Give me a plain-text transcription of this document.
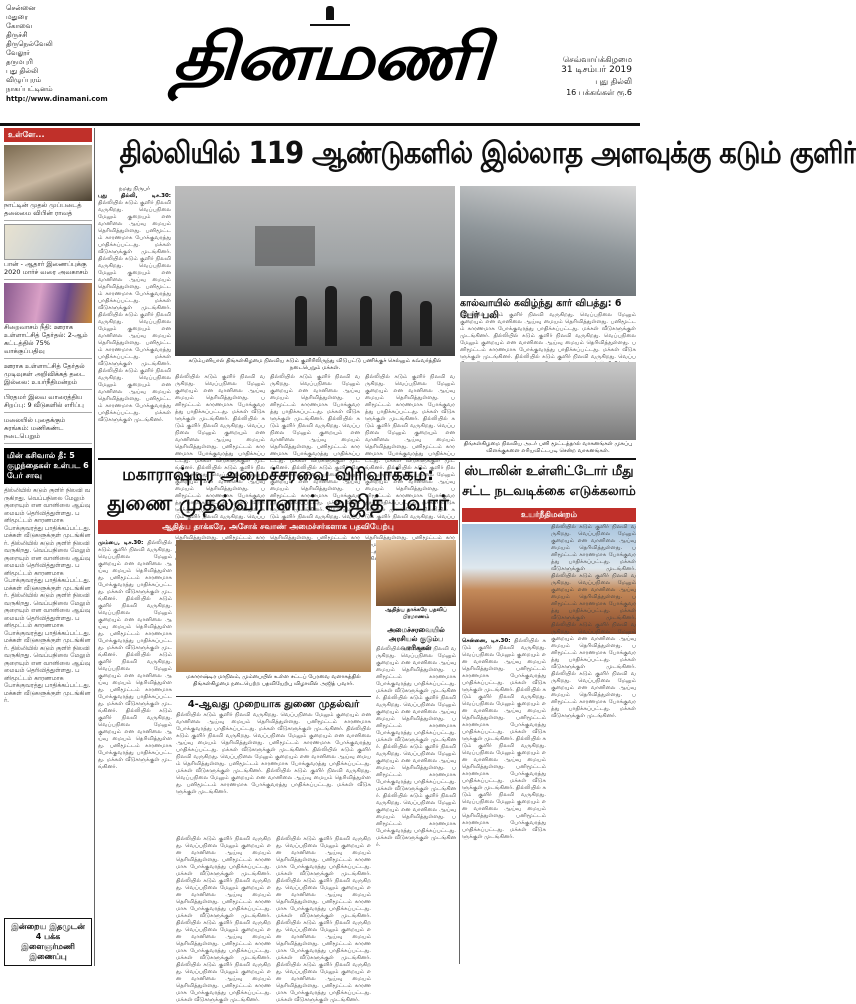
சென்னை
மதுரை
கோவை
திருச்சி
திருநெல்வேலி
வேலூர்
தருமபுரி
புது தில்லி
விழுப்புரம்
நாகப்பட்டினம்
http://www.dinamani.com
தினமணி	செவ்வாய்க்கிழமை
31 டிசம்பர் 2019
புது தில்லி
16 பக்கங்கள் ரூ.6
உள்ளே...
நாட்டின் முதல் முப்படைத் தலைமை விபின் ராவத்
பான் - ஆதார் இணைப்புக்கு 2020 மார்ச் வரை அவகாசம்
சிறைவாசம் நீதி: ஊராக உள்ளாட்சித் தேர்தல்: 2-ஆம் கட்டத்தில் 75% வாக்குப்பதிவு
ஊராக உள்ளாட்சித் தேர்தல் முடிவுகள் அறிவிக்கத் தடை இல்லை: உயர்நீதிமன்றம்
பிரதமர் இலவ வாரைத்திய சிறப்பு: 9 வீடுகளில் எரிப்பு
மலையில் புதைக்கும் சுரங்கம்: மணிகண்ட நடைபெறும்
மின் கசிவால் தீ: 5 குழந்தைகள் உள்பட 6 பேர் சாவு
தில்லியில் கடும் குளிர் நிலவி வருகிறது. வெப்பநிலை மேலும் குறையும் என வானிலை ஆய்வு மையம் தெரிவித்துள்ளது. பனிமூட்டம் காரணமாக போக்குவரத்து பாதிக்கப்பட்டது. மக்கள் வீடுகளுக்குள் முடங்கினர். தில்லியில் கடும் குளிர் நிலவி வருகிறது. வெப்பநிலை மேலும் குறையும் என வானிலை ஆய்வு மையம் தெரிவித்துள்ளது. பனிமூட்டம் காரணமாக போக்குவரத்து பாதிக்கப்பட்டது. மக்கள் வீடுகளுக்குள் முடங்கினர். தில்லியில் கடும் குளிர் நிலவி வருகிறது. வெப்பநிலை மேலும் குறையும் என வானிலை ஆய்வு மையம் தெரிவித்துள்ளது. பனிமூட்டம் காரணமாக போக்குவரத்து பாதிக்கப்பட்டது. மக்கள் வீடுகளுக்குள் முடங்கினர். தில்லியில் கடும் குளிர் நிலவி வருகிறது. வெப்பநிலை மேலும் குறையும் என வானிலை ஆய்வு மையம் தெரிவித்துள்ளது. பனிமூட்டம் காரணமாக போக்குவரத்து பாதிக்கப்பட்டது. மக்கள் வீடுகளுக்குள் முடங்கினர்.
இன்றைய இதழுடன் 4 பக்க இளைஞர்மணி இணைப்பு
தில்லியில் 119 ஆண்டுகளில் இல்லாத அளவுக்கு கடும் குளிர்
நமது நிருபர்
புது தில்லி, டிச.30: தில்லியில் கடும் குளிர் நிலவி வருகிறது. வெப்பநிலை மேலும் குறையும் என வானிலை ஆய்வு மையம் தெரிவித்துள்ளது. பனிமூட்டம் காரணமாக போக்குவரத்து பாதிக்கப்பட்டது. மக்கள் வீடுகளுக்குள் முடங்கினர். தில்லியில் கடும் குளிர் நிலவி வருகிறது. வெப்பநிலை மேலும் குறையும் என வானிலை ஆய்வு மையம் தெரிவித்துள்ளது. பனிமூட்டம் காரணமாக போக்குவரத்து பாதிக்கப்பட்டது. மக்கள் வீடுகளுக்குள் முடங்கினர். தில்லியில் கடும் குளிர் நிலவி வருகிறது. வெப்பநிலை மேலும் குறையும் என வானிலை ஆய்வு மையம் தெரிவித்துள்ளது. பனிமூட்டம் காரணமாக போக்குவரத்து பாதிக்கப்பட்டது. மக்கள் வீடுகளுக்குள் முடங்கினர். தில்லியில் கடும் குளிர் நிலவி வருகிறது. வெப்பநிலை மேலும் குறையும் என வானிலை ஆய்வு மையம் தெரிவித்துள்ளது. பனிமூட்டம் காரணமாக போக்குவரத்து பாதிக்கப்பட்டது. மக்கள் வீடுகளுக்குள் முடங்கினர்.
கடும்பனியால் திங்கள்கிழமை நிலவிய கடும் குளிரிலிருந்து விடுபட்டு பணிக்குச் செல்லும் கவ்வர்த்தில் நடைபெறும் மக்கள்.
தில்லியில் கடும் குளிர் நிலவி வருகிறது. வெப்பநிலை மேலும் குறையும் என வானிலை ஆய்வு மையம் தெரிவித்துள்ளது. பனிமூட்டம் காரணமாக போக்குவரத்து பாதிக்கப்பட்டது. மக்கள் வீடுகளுக்குள் முடங்கினர். தில்லியில் கடும் குளிர் நிலவி வருகிறது. வெப்பநிலை மேலும் குறையும் என வானிலை ஆய்வு மையம் தெரிவித்துள்ளது. பனிமூட்டம் காரணமாக போக்குவரத்து பாதிக்கப்பட்டது. மக்கள் வீடுகளுக்குள் முடங்கினர். தில்லியில் கடும் குளிர் நிலவி வருகிறது. வெப்பநிலை மேலும் குறையும் என வானிலை ஆய்வு மையம் தெரிவித்துள்ளது. பனிமூட்டம் காரணமாக போக்குவரத்து பாதிக்கப்பட்டது. மக்கள் வீடுகளுக்குள் முடங்கினர். தில்லியில் கடும் குளிர் நிலவி வருகிறது. வெப்பநிலை மேலும் குறையும் என வானிலை ஆய்வு மையம் தெரிவித்துள்ளது. பனிமூட்டம் காரணமாக போக்குவரத்து பாதிக்கப்பட்டது. மக்கள் வீடுகளுக்குள் முடங்கினர்.
தில்லியில் கடும் குளிர் நிலவி வருகிறது. வெப்பநிலை மேலும் குறையும் என வானிலை ஆய்வு மையம் தெரிவித்துள்ளது. பனிமூட்டம் காரணமாக போக்குவரத்து பாதிக்கப்பட்டது. மக்கள் வீடுகளுக்குள் முடங்கினர். தில்லியில் கடும் குளிர் நிலவி வருகிறது. வெப்பநிலை மேலும் குறையும் என வானிலை ஆய்வு மையம் தெரிவித்துள்ளது. பனிமூட்டம் காரணமாக போக்குவரத்து பாதிக்கப்பட்டது. மக்கள் வீடுகளுக்குள் முடங்கினர். தில்லியில் கடும் குளிர் நிலவி வருகிறது. வெப்பநிலை மேலும் குறையும் என வானிலை ஆய்வு மையம் தெரிவித்துள்ளது. பனிமூட்டம் காரணமாக போக்குவரத்து பாதிக்கப்பட்டது. மக்கள் வீடுகளுக்குள் முடங்கினர். தில்லியில் கடும் குளிர் நிலவி வருகிறது. வெப்பநிலை மேலும் குறையும் என வானிலை ஆய்வு மையம் தெரிவித்துள்ளது. பனிமூட்டம் காரணமாக போக்குவரத்து பாதிக்கப்பட்டது. மக்கள் வீடுகளுக்குள் முடங்கினர்.
தில்லியில் கடும் குளிர் நிலவி வருகிறது. வெப்பநிலை மேலும் குறையும் என வானிலை ஆய்வு மையம் தெரிவித்துள்ளது. பனிமூட்டம் காரணமாக போக்குவரத்து பாதிக்கப்பட்டது. மக்கள் வீடுகளுக்குள் முடங்கினர். தில்லியில் கடும் குளிர் நிலவி வருகிறது. வெப்பநிலை மேலும் குறையும் என வானிலை ஆய்வு மையம் தெரிவித்துள்ளது. பனிமூட்டம் காரணமாக போக்குவரத்து பாதிக்கப்பட்டது. மக்கள் வீடுகளுக்குள் முடங்கினர். தில்லியில் கடும் குளிர் நிலவி வருகிறது. வெப்பநிலை மேலும் குறையும் என வானிலை ஆய்வு மையம் தெரிவித்துள்ளது. பனிமூட்டம் காரணமாக போக்குவரத்து பாதிக்கப்பட்டது. மக்கள் வீடுகளுக்குள் முடங்கினர். தில்லியில் கடும் குளிர் நிலவி வருகிறது. வெப்பநிலை மேலும் குறையும் என வானிலை ஆய்வு மையம் தெரிவித்துள்ளது. பனிமூட்டம் காரணமாக போக்குவரத்து பாதிக்கப்பட்டது. மக்கள் வீடுகளுக்குள் முடங்கினர்.
கால்வாயில் கவிழ்ந்து கார் விபத்து: 6 பேர் பலி
தில்லியில் கடும் குளிர் நிலவி வருகிறது. வெப்பநிலை மேலும் குறையும் என வானிலை ஆய்வு மையம் தெரிவித்துள்ளது. பனிமூட்டம் காரணமாக போக்குவரத்து பாதிக்கப்பட்டது. மக்கள் வீடுகளுக்குள் முடங்கினர். தில்லியில் கடும் குளிர் நிலவி வருகிறது. வெப்பநிலை மேலும் குறையும் என வானிலை ஆய்வு மையம் தெரிவித்துள்ளது. பனிமூட்டம் காரணமாக போக்குவரத்து பாதிக்கப்பட்டது. மக்கள் வீடுகளுக்குள் முடங்கினர். தில்லியில் கடும் குளிர் நிலவி வருகிறது. வெப்பநிலை மேலும் குறையும் என வானிலை ஆய்வு மையம் தெரிவித்துள்ளது. பனிமூட்டம் காரணமாக போக்குவரத்து பாதிக்கப்பட்டது. மக்கள் வீடுகளுக்குள் முடங்கினர். தில்லியில் கடும் குளிர் நிலவி வருகிறது. வெப்பநிலை மேலும் குறையும் என வானிலை ஆய்வு மையம் தெரிவித்துள்ளது. பனிமூட்டம் காரணமாக போக்குவரத்து பாதிக்கப்பட்டது. மக்கள் வீடுகளுக்குள் முடங்கினர்.
திங்கள்கிழமை நிலவிய அடர் பனி மூட்டத்தால் வாகனங்கள் முகப்பு விளக்குகளை எரியவிட்டபடி சென்ற வாகனங்கள்.
மகாராஷ்டிர அமைச்சரவை விரிவாக்கம்:
துணை முதல்வரானார் அஜித் பவார்
ஆதித்ய தாக்கரே, அசோக் சவாண் அமைச்சர்களாக பதவியேற்பு
மும்பை, டிச.30: தில்லியில் கடும் குளிர் நிலவி வருகிறது. வெப்பநிலை மேலும் குறையும் என வானிலை ஆய்வு மையம் தெரிவித்துள்ளது. பனிமூட்டம் காரணமாக போக்குவரத்து பாதிக்கப்பட்டது. மக்கள் வீடுகளுக்குள் முடங்கினர். தில்லியில் கடும் குளிர் நிலவி வருகிறது. வெப்பநிலை மேலும் குறையும் என வானிலை ஆய்வு மையம் தெரிவித்துள்ளது. பனிமூட்டம் காரணமாக போக்குவரத்து பாதிக்கப்பட்டது. மக்கள் வீடுகளுக்குள் முடங்கினர். தில்லியில் கடும் குளிர் நிலவி வருகிறது. வெப்பநிலை மேலும் குறையும் என வானிலை ஆய்வு மையம் தெரிவித்துள்ளது. பனிமூட்டம் காரணமாக போக்குவரத்து பாதிக்கப்பட்டது. மக்கள் வீடுகளுக்குள் முடங்கினர். தில்லியில் கடும் குளிர் நிலவி வருகிறது. வெப்பநிலை மேலும் குறையும் என வானிலை ஆய்வு மையம் தெரிவித்துள்ளது. பனிமூட்டம் காரணமாக போக்குவரத்து பாதிக்கப்பட்டது. மக்கள் வீடுகளுக்குள் முடங்கினர்.
மகாராஷ்டிர மாநிலம், மும்பையில் உள்ள சட்டப் பேரவை வளாகத்தில் திங்கள்கிழமை நடைபெற்ற பதவியேற்பு விழாவில் அஜித் பவார்.
4-ஆவது முறையாக துணை முதல்வர்
தில்லியில் கடும் குளிர் நிலவி வருகிறது. வெப்பநிலை மேலும் குறையும் என வானிலை ஆய்வு மையம் தெரிவித்துள்ளது. பனிமூட்டம் காரணமாக போக்குவரத்து பாதிக்கப்பட்டது. மக்கள் வீடுகளுக்குள் முடங்கினர். தில்லியில் கடும் குளிர் நிலவி வருகிறது. வெப்பநிலை மேலும் குறையும் என வானிலை ஆய்வு மையம் தெரிவித்துள்ளது. பனிமூட்டம் காரணமாக போக்குவரத்து பாதிக்கப்பட்டது. மக்கள் வீடுகளுக்குள் முடங்கினர். தில்லியில் கடும் குளிர் நிலவி வருகிறது. வெப்பநிலை மேலும் குறையும் என வானிலை ஆய்வு மையம் தெரிவித்துள்ளது. பனிமூட்டம் காரணமாக போக்குவரத்து பாதிக்கப்பட்டது. மக்கள் வீடுகளுக்குள் முடங்கினர். தில்லியில் கடும் குளிர் நிலவி வருகிறது. வெப்பநிலை மேலும் குறையும் என வானிலை ஆய்வு மையம் தெரிவித்துள்ளது. பனிமூட்டம் காரணமாக போக்குவரத்து பாதிக்கப்பட்டது. மக்கள் வீடுகளுக்குள் முடங்கினர்.
தில்லியில் கடும் குளிர் நிலவி வருகிறது. வெப்பநிலை மேலும் குறையும் என வானிலை ஆய்வு மையம் தெரிவித்துள்ளது. பனிமூட்டம் காரணமாக போக்குவரத்து பாதிக்கப்பட்டது. மக்கள் வீடுகளுக்குள் முடங்கினர். தில்லியில் கடும் குளிர் நிலவி வருகிறது. வெப்பநிலை மேலும் குறையும் என வானிலை ஆய்வு மையம் தெரிவித்துள்ளது. பனிமூட்டம் காரணமாக போக்குவரத்து பாதிக்கப்பட்டது. மக்கள் வீடுகளுக்குள் முடங்கினர். தில்லியில் கடும் குளிர் நிலவி வருகிறது. வெப்பநிலை மேலும் குறையும் என வானிலை ஆய்வு மையம் தெரிவித்துள்ளது. பனிமூட்டம் காரணமாக போக்குவரத்து பாதிக்கப்பட்டது. மக்கள் வீடுகளுக்குள் முடங்கினர். தில்லியில் கடும் குளிர் நிலவி வருகிறது. வெப்பநிலை மேலும் குறையும் என வானிலை ஆய்வு மையம் தெரிவித்துள்ளது. பனிமூட்டம் காரணமாக போக்குவரத்து பாதிக்கப்பட்டது. மக்கள் வீடுகளுக்குள் முடங்கினர்.
தில்லியில் கடும் குளிர் நிலவி வருகிறது. வெப்பநிலை மேலும் குறையும் என வானிலை ஆய்வு மையம் தெரிவித்துள்ளது. பனிமூட்டம் காரணமாக போக்குவரத்து பாதிக்கப்பட்டது. மக்கள் வீடுகளுக்குள் முடங்கினர். தில்லியில் கடும் குளிர் நிலவி வருகிறது. வெப்பநிலை மேலும் குறையும் என வானிலை ஆய்வு மையம் தெரிவித்துள்ளது. பனிமூட்டம் காரணமாக போக்குவரத்து பாதிக்கப்பட்டது. மக்கள் வீடுகளுக்குள் முடங்கினர். தில்லியில் கடும் குளிர் நிலவி வருகிறது. வெப்பநிலை மேலும் குறையும் என வானிலை ஆய்வு மையம் தெரிவித்துள்ளது. பனிமூட்டம் காரணமாக போக்குவரத்து பாதிக்கப்பட்டது. மக்கள் வீடுகளுக்குள் முடங்கினர். தில்லியில் கடும் குளிர் நிலவி வருகிறது. வெப்பநிலை மேலும் குறையும் என வானிலை ஆய்வு மையம் தெரிவித்துள்ளது. பனிமூட்டம் காரணமாக போக்குவரத்து பாதிக்கப்பட்டது. மக்கள் வீடுகளுக்குள் முடங்கினர்.
ஆதித்ய தாக்கரே பதவிப் பிரமாணம்
அமைச்சரவையில் அரசியல் குடும்ப வாரிசுகள்
தில்லியில் கடும் குளிர் நிலவி வருகிறது. வெப்பநிலை மேலும் குறையும் என வானிலை ஆய்வு மையம் தெரிவித்துள்ளது. பனிமூட்டம் காரணமாக போக்குவரத்து பாதிக்கப்பட்டது. மக்கள் வீடுகளுக்குள் முடங்கினர். தில்லியில் கடும் குளிர் நிலவி வருகிறது. வெப்பநிலை மேலும் குறையும் என வானிலை ஆய்வு மையம் தெரிவித்துள்ளது. பனிமூட்டம் காரணமாக போக்குவரத்து பாதிக்கப்பட்டது. மக்கள் வீடுகளுக்குள் முடங்கினர். தில்லியில் கடும் குளிர் நிலவி வருகிறது. வெப்பநிலை மேலும் குறையும் என வானிலை ஆய்வு மையம் தெரிவித்துள்ளது. பனிமூட்டம் காரணமாக போக்குவரத்து பாதிக்கப்பட்டது. மக்கள் வீடுகளுக்குள் முடங்கினர். தில்லியில் கடும் குளிர் நிலவி வருகிறது. வெப்பநிலை மேலும் குறையும் என வானிலை ஆய்வு மையம் தெரிவித்துள்ளது. பனிமூட்டம் காரணமாக போக்குவரத்து பாதிக்கப்பட்டது. மக்கள் வீடுகளுக்குள் முடங்கினர்.
ஸ்டாலின் உள்ளிட்டோர் மீது சட்ட நடவடிக்கை எடுக்கலாம்
உயர்நீதிமன்றம்
சென்னை, டிச.30: தில்லியில் கடும் குளிர் நிலவி வருகிறது. வெப்பநிலை மேலும் குறையும் என வானிலை ஆய்வு மையம் தெரிவித்துள்ளது. பனிமூட்டம் காரணமாக போக்குவரத்து பாதிக்கப்பட்டது. மக்கள் வீடுகளுக்குள் முடங்கினர். தில்லியில் கடும் குளிர் நிலவி வருகிறது. வெப்பநிலை மேலும் குறையும் என வானிலை ஆய்வு மையம் தெரிவித்துள்ளது. பனிமூட்டம் காரணமாக போக்குவரத்து பாதிக்கப்பட்டது. மக்கள் வீடுகளுக்குள் முடங்கினர். தில்லியில் கடும் குளிர் நிலவி வருகிறது. வெப்பநிலை மேலும் குறையும் என வானிலை ஆய்வு மையம் தெரிவித்துள்ளது. பனிமூட்டம் காரணமாக போக்குவரத்து பாதிக்கப்பட்டது. மக்கள் வீடுகளுக்குள் முடங்கினர். தில்லியில் கடும் குளிர் நிலவி வருகிறது. வெப்பநிலை மேலும் குறையும் என வானிலை ஆய்வு மையம் தெரிவித்துள்ளது. பனிமூட்டம் காரணமாக போக்குவரத்து பாதிக்கப்பட்டது. மக்கள் வீடுகளுக்குள் முடங்கினர்.
தில்லியில் கடும் குளிர் நிலவி வருகிறது. வெப்பநிலை மேலும் குறையும் என வானிலை ஆய்வு மையம் தெரிவித்துள்ளது. பனிமூட்டம் காரணமாக போக்குவரத்து பாதிக்கப்பட்டது. மக்கள் வீடுகளுக்குள் முடங்கினர். தில்லியில் கடும் குளிர் நிலவி வருகிறது. வெப்பநிலை மேலும் குறையும் என வானிலை ஆய்வு மையம் தெரிவித்துள்ளது. பனிமூட்டம் காரணமாக போக்குவரத்து பாதிக்கப்பட்டது. மக்கள் வீடுகளுக்குள் முடங்கினர். தில்லியில் கடும் குளிர் நிலவி வருகிறது. வெப்பநிலை மேலும் குறையும் என வானிலை ஆய்வு மையம் தெரிவித்துள்ளது. பனிமூட்டம் காரணமாக போக்குவரத்து பாதிக்கப்பட்டது. மக்கள் வீடுகளுக்குள் முடங்கினர். தில்லியில் கடும் குளிர் நிலவி வருகிறது. வெப்பநிலை மேலும் குறையும் என வானிலை ஆய்வு மையம் தெரிவித்துள்ளது. பனிமூட்டம் காரணமாக போக்குவரத்து பாதிக்கப்பட்டது. மக்கள் வீடுகளுக்குள் முடங்கினர்.
